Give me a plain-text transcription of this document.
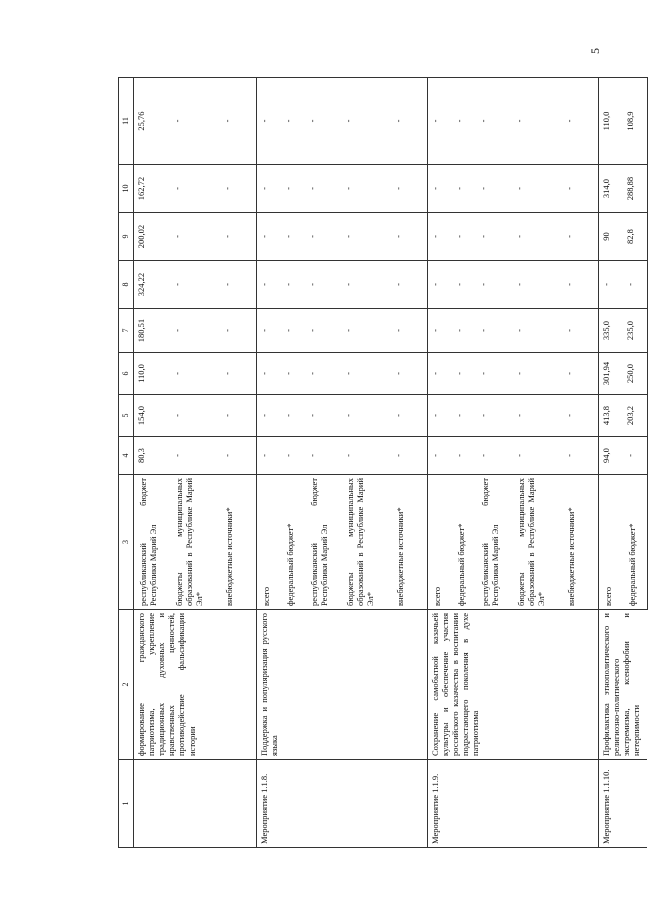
5
1	2	3	4	5	6	7	8	9	10	11
	формирование гражданского патриотизма, укрепление традиционных духовных и нравственных ценностей, противодействие фальсификации истории	республиканский бюджет Республики Марий Эл	80,3	154,0	110,0	180,51	324,22	200,02	162,72	25,76
		бюджеты муниципальных образований в Республике Марий Эл*	-	-	-	-	-	-	-	-
		внебюджетные источники*	-	-	-	-	-	-	-	-
Мероприятие 1.1.8.	Поддержка и популяризация русского языка	всего	-	-	-	-	-	-	-	-
		федеральный бюджет*	-	-	-	-	-	-	-	-
		республиканский бюджет Республики Марий Эл	-	-	-	-	-	-	-	-
		бюджеты муниципальных образований в Республике Марий Эл*	-	-	-	-	-	-	-	-
		внебюджетные источники*	-	-	-	-	-	-	-	-
Мероприятие 1.1.9.	Сохранение самобытной казачьей культуры и обеспечение участия российского казачества в воспитании подрастающего поколения в духе патриотизма	всего	-	-	-	-	-	-	-	-
		федеральный бюджет*	-	-	-	-	-	-	-	-
		республиканский бюджет Республики Марий Эл	-	-	-	-	-	-	-	-
		бюджеты муниципальных образований в Республике Марий Эл*	-	-	-	-	-	-	-	-
		внебюджетные источники*	-	-	-	-	-	-	-	-
Мероприятие 1.1.10.	Профилактика этнополитического и религиозно-политического экстремизма, ксенофобии и нетерпимости	всего	94,0	413,8	301,94	335,0	-	90	314,0	110,0
		федеральный бюджет*	-	203,2	250,0	235,0	-	82,8	288,88	108,9
